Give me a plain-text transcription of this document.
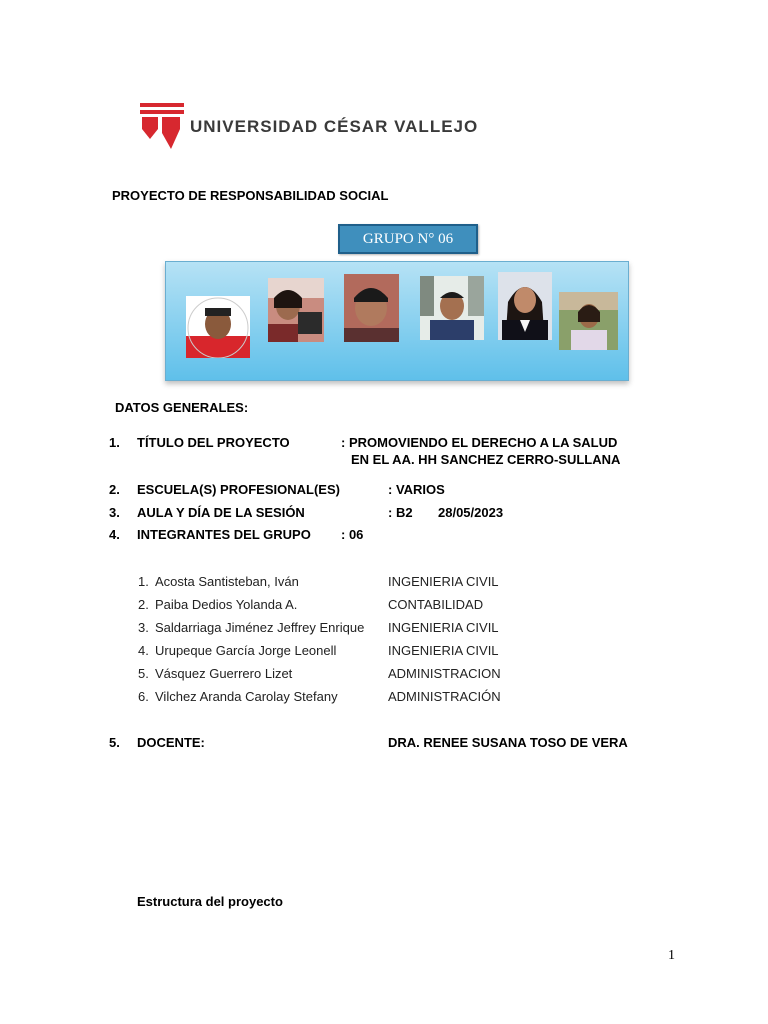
UNIVERSIDAD CÉSAR VALLEJO
PROYECTO DE RESPONSABILIDAD SOCIAL
GRUPO N° 06
DATOS GENERALES:
1. TÍTULO DEL PROYECTO	: PROMOVIENDO EL DERECHO A LA SALUD
EN EL AA. HH SANCHEZ CERRO-SULLANA
2. ESCUELA(S) PROFESIONAL(ES)	: VARIOS
3. AULA Y DÍA DE LA SESIÓN	: B2 28/05/2023
4. INTEGRANTES DEL GRUPO : 06
1. Acosta Santisteban, Iván	INGENIERIA CIVIL
2. Paiba Dedios Yolanda A.	CONTABILIDAD
3. Saldarriaga Jiménez Jeffrey Enrique INGENIERIA CIVIL
4. Urupeque García Jorge Leonell	INGENIERIA CIVIL
5. Vásquez Guerrero Lizet	ADMINISTRACION
6. Vilchez Aranda Carolay Stefany	ADMINISTRACIÓN
5. DOCENTE:	DRA. RENEE SUSANA TOSO DE VERA
Estructura del proyecto
1
